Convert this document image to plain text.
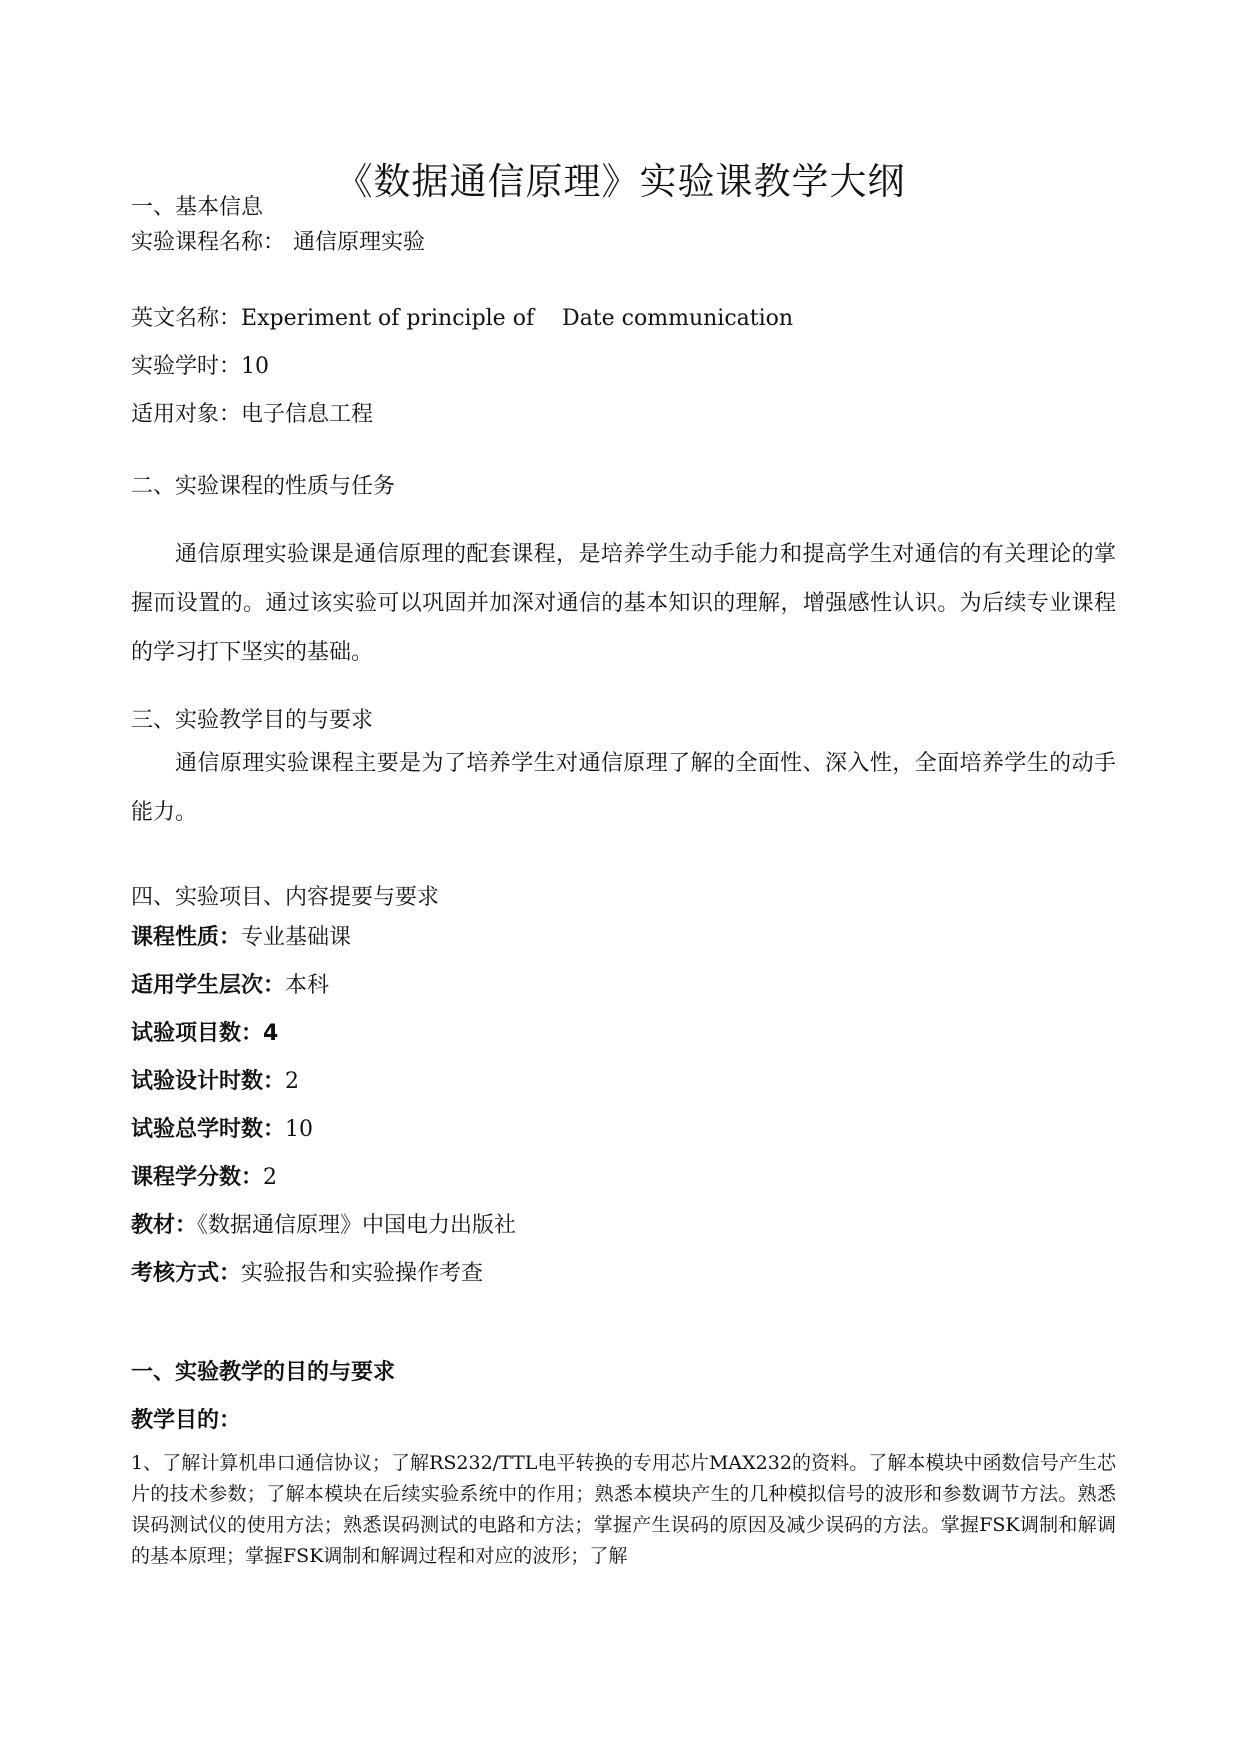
《数据通信原理》实验课教学大纲
一、基本信息
实验课程名称： 通信原理实验
英文名称：Experiment of principle of    Date communication
实验学时：10
适用对象：电子信息工程
二、实验课程的性质与任务
通信原理实验课是通信原理的配套课程，是培养学生动手能力和提高学生对通信的有关理论的掌握而设置的。通过该实验可以巩固并加深对通信的基本知识的理解，增强感性认识。为后续专业课程的学习打下坚实的基础。
三、实验教学目的与要求
通信原理实验课程主要是为了培养学生对通信原理了解的全面性、深入性，全面培养学生的动手能力。
四、实验项目、内容提要与要求
课程性质：专业基础课
适用学生层次：本科
试验项目数：4
试验设计时数：2
试验总学时数：10
课程学分数：2
教材：《数据通信原理》中国电力出版社
考核方式：实验报告和实验操作考查
一、实验教学的目的与要求
教学目的：
1、了解计算机串口通信协议；了解RS232/TTL电平转换的专用芯片MAX232的资料。了解本模块中函数信号产生芯片的技术参数；了解本模块在后续实验系统中的作用；熟悉本模块产生的几种模拟信号的波形和参数调节方法。熟悉误码测试仪的使用方法；熟悉误码测试的电路和方法；掌握产生误码的原因及减少误码的方法。掌握FSK调制和解调的基本原理；掌握FSK调制和解调过程和对应的波形；了解
